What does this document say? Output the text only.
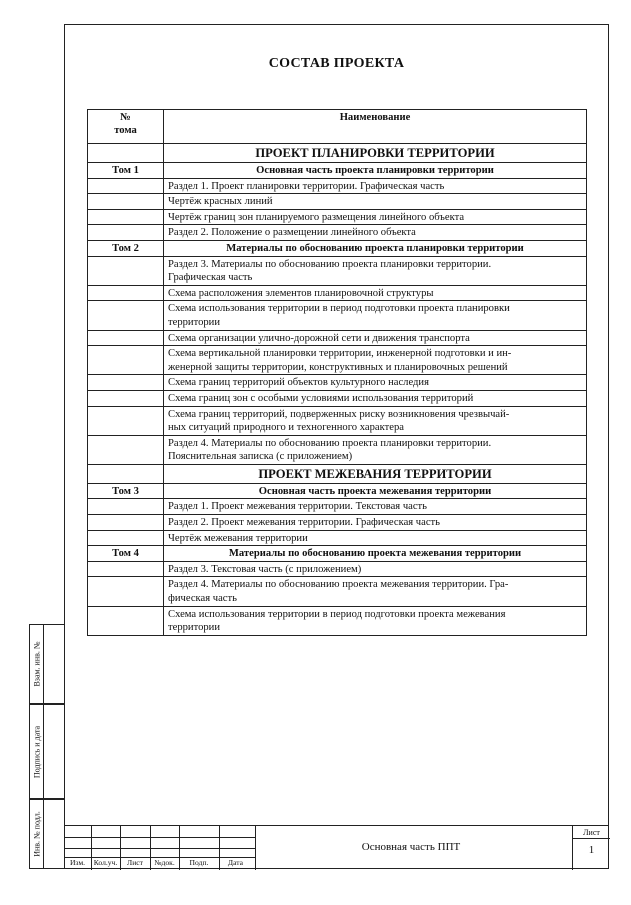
СОСТАВ ПРОЕКТА
№
тома	Наименование
	ПРОЕКТ ПЛАНИРОВКИ ТЕРРИТОРИИ
Том 1	Основная часть проекта планировки территории
	Раздел 1. Проект планировки территории. Графическая часть
	Чертёж красных линий
	Чертёж границ зон планируемого размещения линейного объекта
	Раздел 2. Положение о размещении линейного объекта
Том 2	Материалы по обоснованию проекта планировки территории
	Раздел 3. Материалы по обоснованию проекта планировки территории.
Графическая часть
	Схема расположения элементов планировочной структуры
	Схема использования территории в период подготовки проекта планировки
территории
	Схема организации улично-дорожной сети и движения транспорта
	Схема вертикальной планировки территории, инженерной подготовки и ин-
женерной защиты территории, конструктивных и планировочных решений
	Схема границ территорий объектов культурного наследия
	Схема границ зон с особыми условиями использования территорий
	Схема границ территорий, подверженных риску возникновения чрезвычай-
ных ситуаций природного и техногенного характера
	Раздел 4. Материалы по обоснованию проекта планировки территории.
Пояснительная записка (с приложением)
	ПРОЕКТ МЕЖЕВАНИЯ ТЕРРИТОРИИ
Том 3	Основная часть проекта межевания территории
	Раздел 1. Проект межевания территории. Текстовая часть
	Раздел 2. Проект межевания территории. Графическая часть
	Чертёж межевания территории
Том 4	Материалы по обоснованию проекта межевания территории
	Раздел 3. Текстовая часть (с приложением)
	Раздел 4. Материалы по обоснованию проекта межевания территории. Гра-
фическая часть
	Схема использования территории в период подготовки проекта межевания
территории
Взам. инв. №
Подпись и дата
Инв. № подл.
Изм.	Кол.уч.	Лист	№док.	Подп.	Дата
Основная часть ППТ
Лист
1
